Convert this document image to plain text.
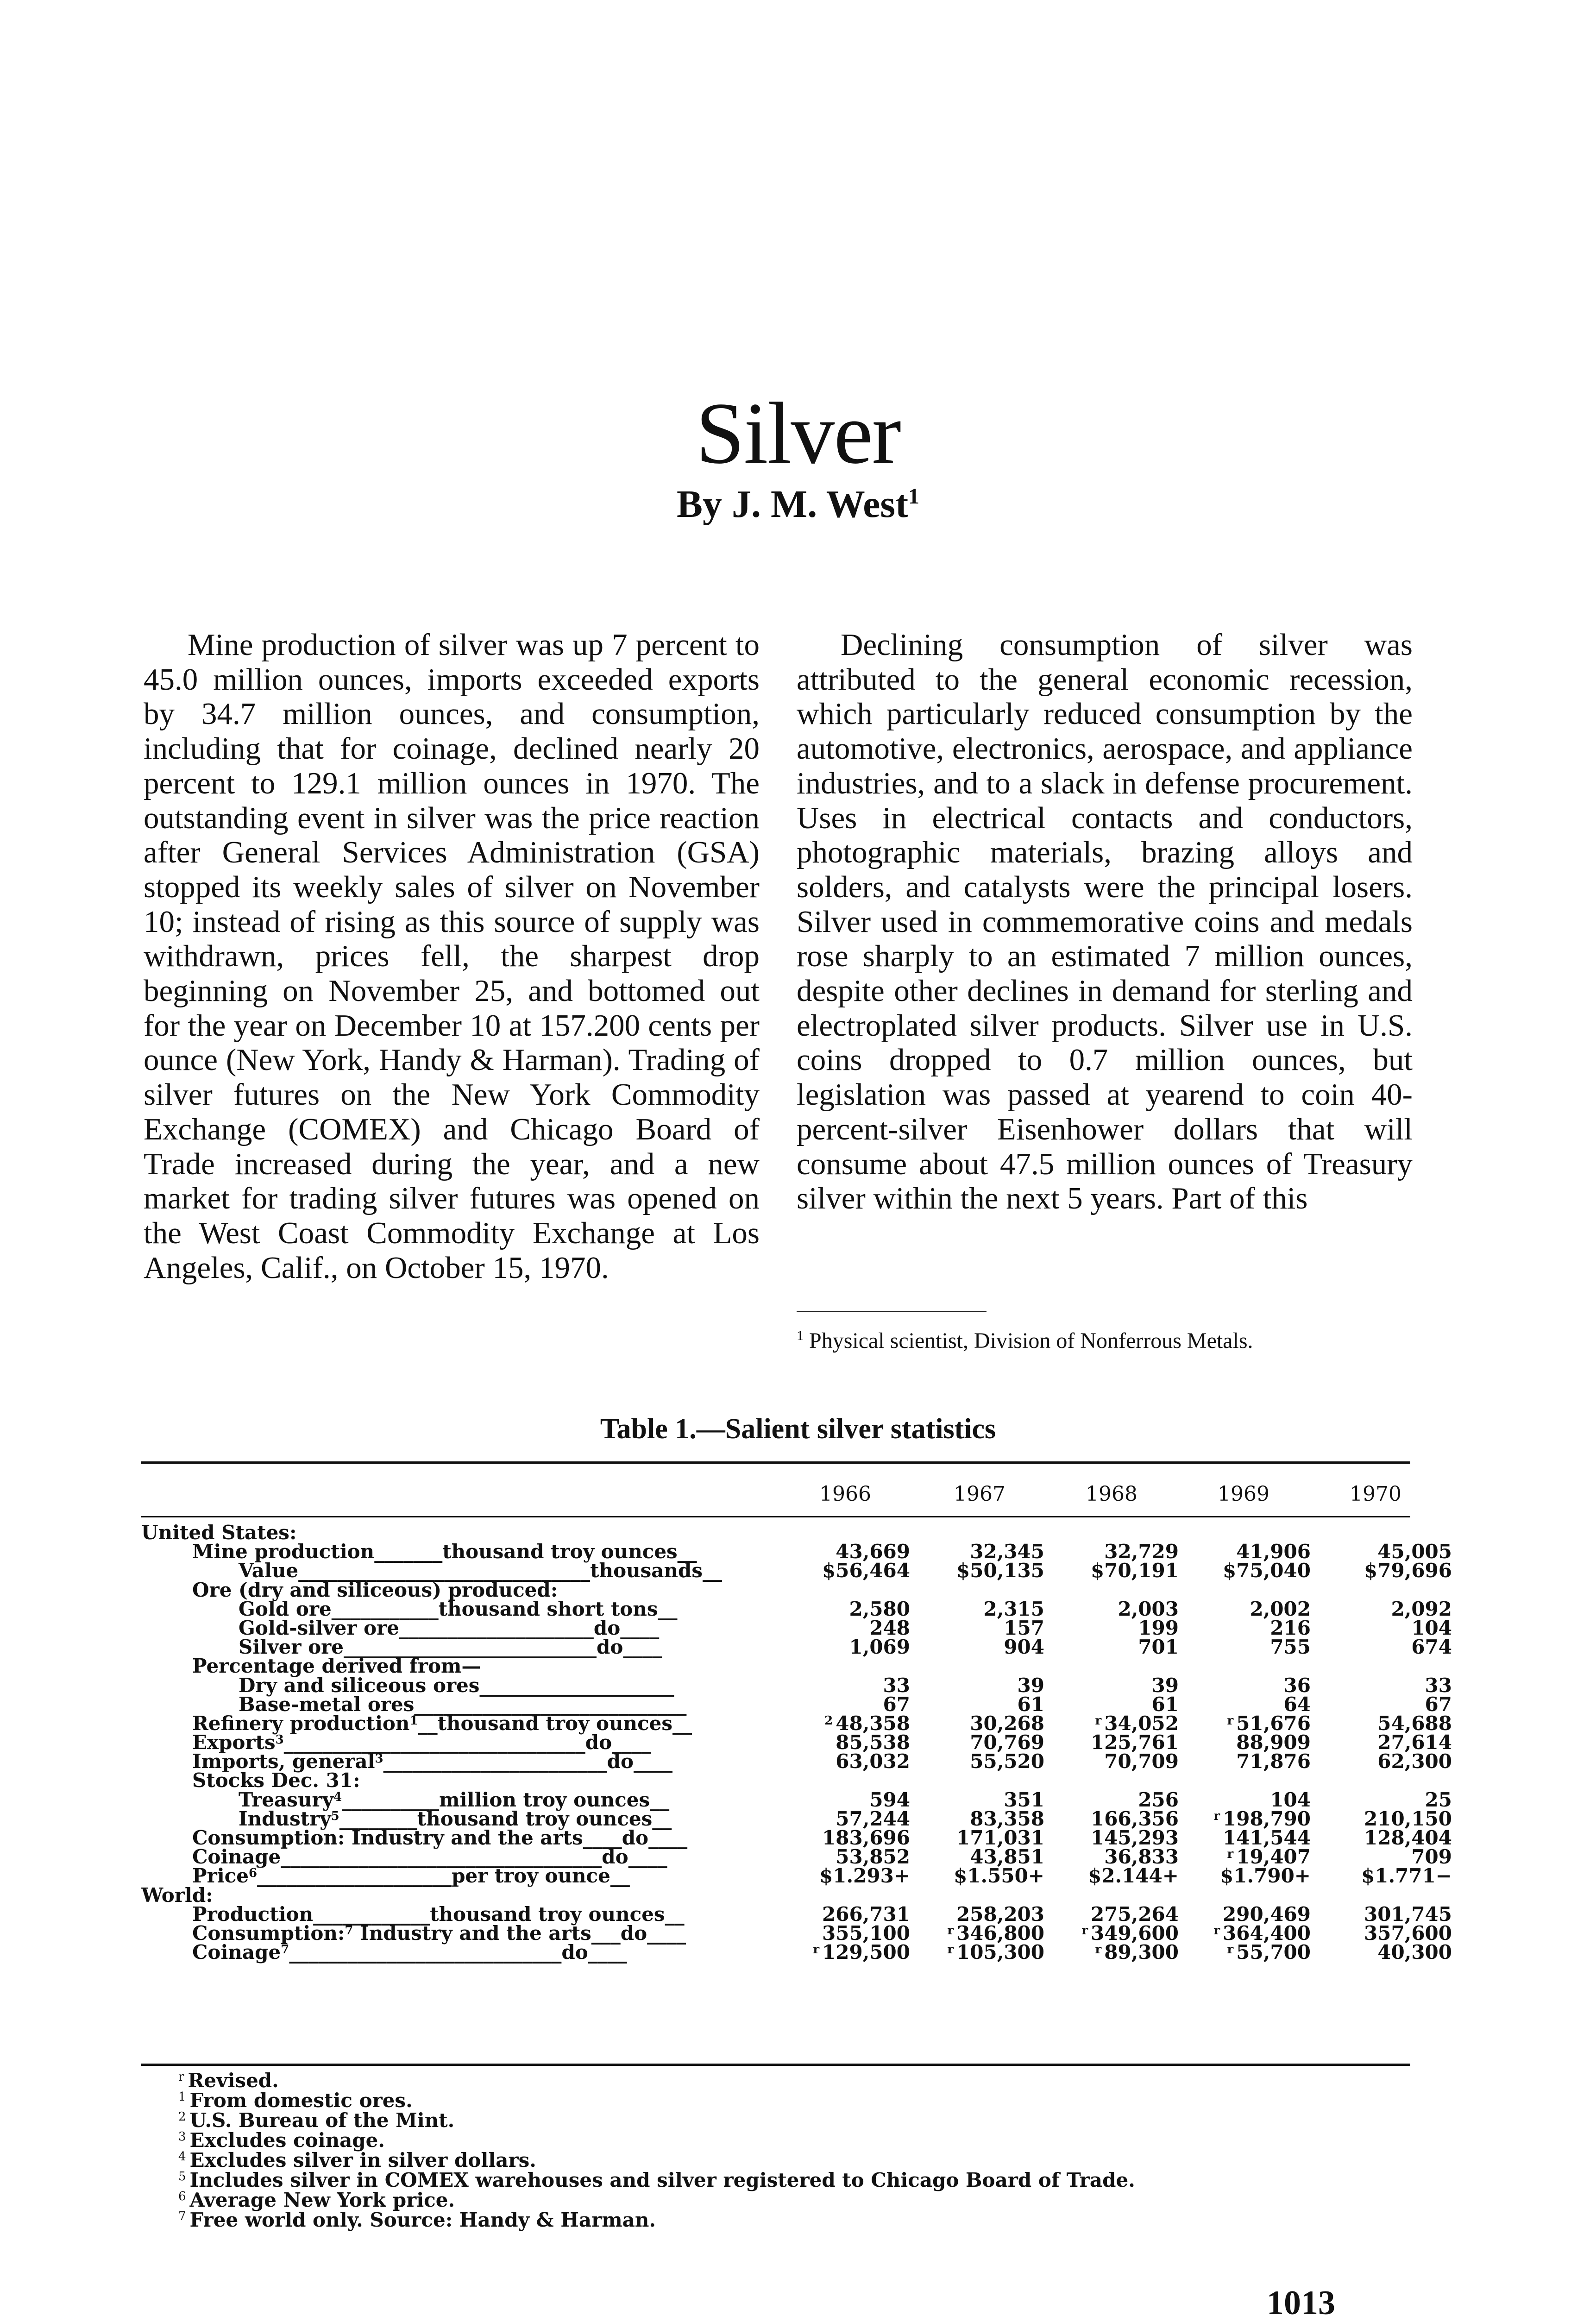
Silver
By J. M. West$^1$

Mine production of silver was up 7 percent to 45.0 million ounces, imports exceeded exports by 34.7 million ounces, and consumption, including that for coinage, declined nearly 20 percent to 129.1 million ounces in 1970. The outstanding event in silver was the price reaction after General Services Administration (GSA) stopped its weekly sales of silver on November 10; instead of rising as this source of supply was withdrawn, prices fell, the sharpest drop beginning on November 25, and bottomed out for the year on December 10 at 157.200 cents per ounce (New York, Handy & Harman). Trading of silver futures on the New York Commodity Exchange (COMEX) and Chicago Board of Trade increased during the year, and a new market for trading silver futures was opened on the West Coast Commodity Exchange at Los Angeles, Calif., on October 15, 1970.

Declining consumption of silver was attributed to the general economic recession, which particularly reduced consumption by the automotive, electronics, aerospace, and appliance industries, and to a slack in defense procurement. Uses in electrical contacts and conductors, photographic materials, brazing alloys and solders, and catalysts were the principal losers. Silver used in commemorative coins and medals rose sharply to an estimated 7 million ounces, despite other declines in demand for sterling and electroplated silver products. Silver use in U.S. coins dropped to 0.7 million ounces, but legislation was passed at yearend to coin 40-percent-silver Eisenhower dollars that will consume about 47.5 million ounces of Treasury silver within the next 5 years. Part of this

$^1$ Physical scientist, Division of Nonferrous Metals.
Table 1.—Salient silver statistics
1966	1967	1968	1969	1970
United States:
Mine production_______thousand troy ounces__	43,669	32,345	32,729	41,906	45,005
Value______________________________thousands__	$56,464	$50,135	$70,191	$75,040	$79,696
Ore (dry and siliceous) produced:
Gold ore___________thousand short tons__	2,580	2,315	2,003	2,002	2,092
Gold-silver ore____________________do____	248	157	199	216	104
Silver ore__________________________do____	1,069	904	701	755	674
Percentage derived from—
Dry and siliceous ores____________________	33	39	39	36	33
Base-metal ores____________________________	67	61	61	64	67
Refinery production$^1$__thousand troy ounces__	$^2$ 48,358	30,268	$^r$ 34,052	$^r$ 51,676	54,688
Exports$^3$_______________________________do____	85,538	70,769	125,761	88,909	27,614
Imports, general$^3$_______________________do____	63,032	55,520	70,709	71,876	62,300
Stocks Dec. 31:
Treasury$^4$__________million troy ounces__	594	351	256	104	25
Industry$^5$________thousand troy ounces__	57,244	83,358	166,356	$^r$ 198,790	210,150
Consumption: Industry and the arts____do____	183,696	171,031	145,293	141,544	128,404
Coinage_________________________________do____	53,852	43,851	36,833	$^r$ 19,407	709
Price$^6$____________________per troy ounce__	$1.293+	$1.550+	$2.144+	$1.790+	$1.771−
World:
Production____________thousand troy ounces__	266,731	258,203	275,264	290,469	301,745
Consumption:$^7$ Industry and the arts___do____	355,100	$^r$ 346,800	$^r$ 349,600	$^r$ 364,400	357,600
Coinage$^7$____________________________do____	$^r$ 129,500	$^r$ 105,300	$^r$ 89,300	$^r$ 55,700	40,300
$^r$ Revised.
$^1$ From domestic ores.
$^2$ U.S. Bureau of the Mint.
$^3$ Excludes coinage.
$^4$ Excludes silver in silver dollars.
$^5$ Includes silver in COMEX warehouses and silver registered to Chicago Board of Trade.
$^6$ Average New York price.
$^7$ Free world only. Source: Handy & Harman.
1013
